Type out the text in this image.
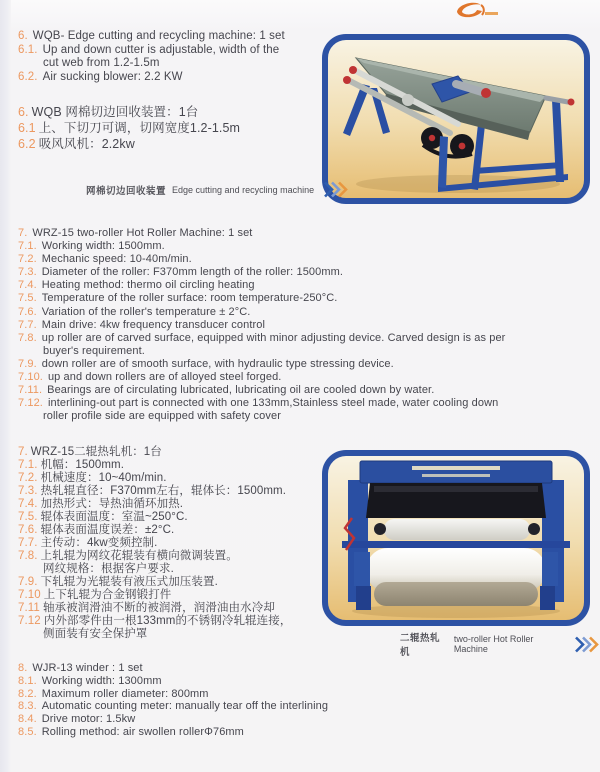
6. WQB- Edge cutting and recycling machine: 1 set
6.1. Up and down cutter is adjustable, width of the
cut web from 1.2-1.5m
6.2. Air sucking blower: 2.2 KW
6. WQB 网棉切边回收装置：1台
6.1 上、下切刀可调，切网宽度1.2-1.5m
6.2 吸风风机：2.2kw
网棉切边回收装置 Edge cutting and recycling machine
7. WRZ-15 two-roller Hot Roller Machine: 1 set
7.1. Working width: 1500mm.
7.2. Mechanic speed: 10-40m/min.
7.3. Diameter of the roller: F370mm length of the roller: 1500mm.
7.4. Heating method: thermo oil circling heating
7.5. Temperature of the roller surface: room temperature-250°C.
7.6. Variation of the roller's temperature ± 2°C.
7.7. Main drive: 4kw frequency transducer control
7.8. up roller are of carved surface, equipped with minor adjusting device. Carved design is as per
buyer's requirement.
7.9. down roller are of smooth surface, with hydraulic type stressing device.
7.10. up and down rollers are of alloyed steel forged.
7.11. Bearings are of circulating lubricated, lubricating oil are cooled down by water.
7.12. interlining-out part is connected with one 133mm,Stainless steel made, water cooling down
roller profile side are equipped with safety cover
7. WRZ-15二辊热轧机：1台
7.1. 机幅：1500mm.
7.2. 机械速度：10~40m/min.
7.3. 热轧辊直径：F370mm左右，辊体长：1500mm.
7.4. 加热形式：导热油循环加热.
7.5. 辊体表面温度：室温~250°C.
7.6. 辊体表面温度误差：±2°C.
7.7. 主传动：4kw变频控制.
7.8. 上轧辊为网纹花辊装有横向微调装置。
网纹规格：根据客户要求.
7.9. 下轧辊为光辊装有液压式加压装置.
7.10 上下轧辊为合金钢锻打件
7.11 轴承被润滑油不断的被润滑，润滑油由水冷却
7.12 内外部零件由一根133mm的不锈钢冷轧辊连接，
侧面装有安全保护罩	二辊热轧机
two-roller Hot Roller Machine
8. WJR-13 winder : 1 set
8.1. Working width: 1300mm
8.2. Maximum roller diameter: 800mm
8.3. Automatic counting meter: manually tear off the interlining
8.4. Drive motor: 1.5kw
8.5. Rolling method: air swollen rollerΦ76mm
